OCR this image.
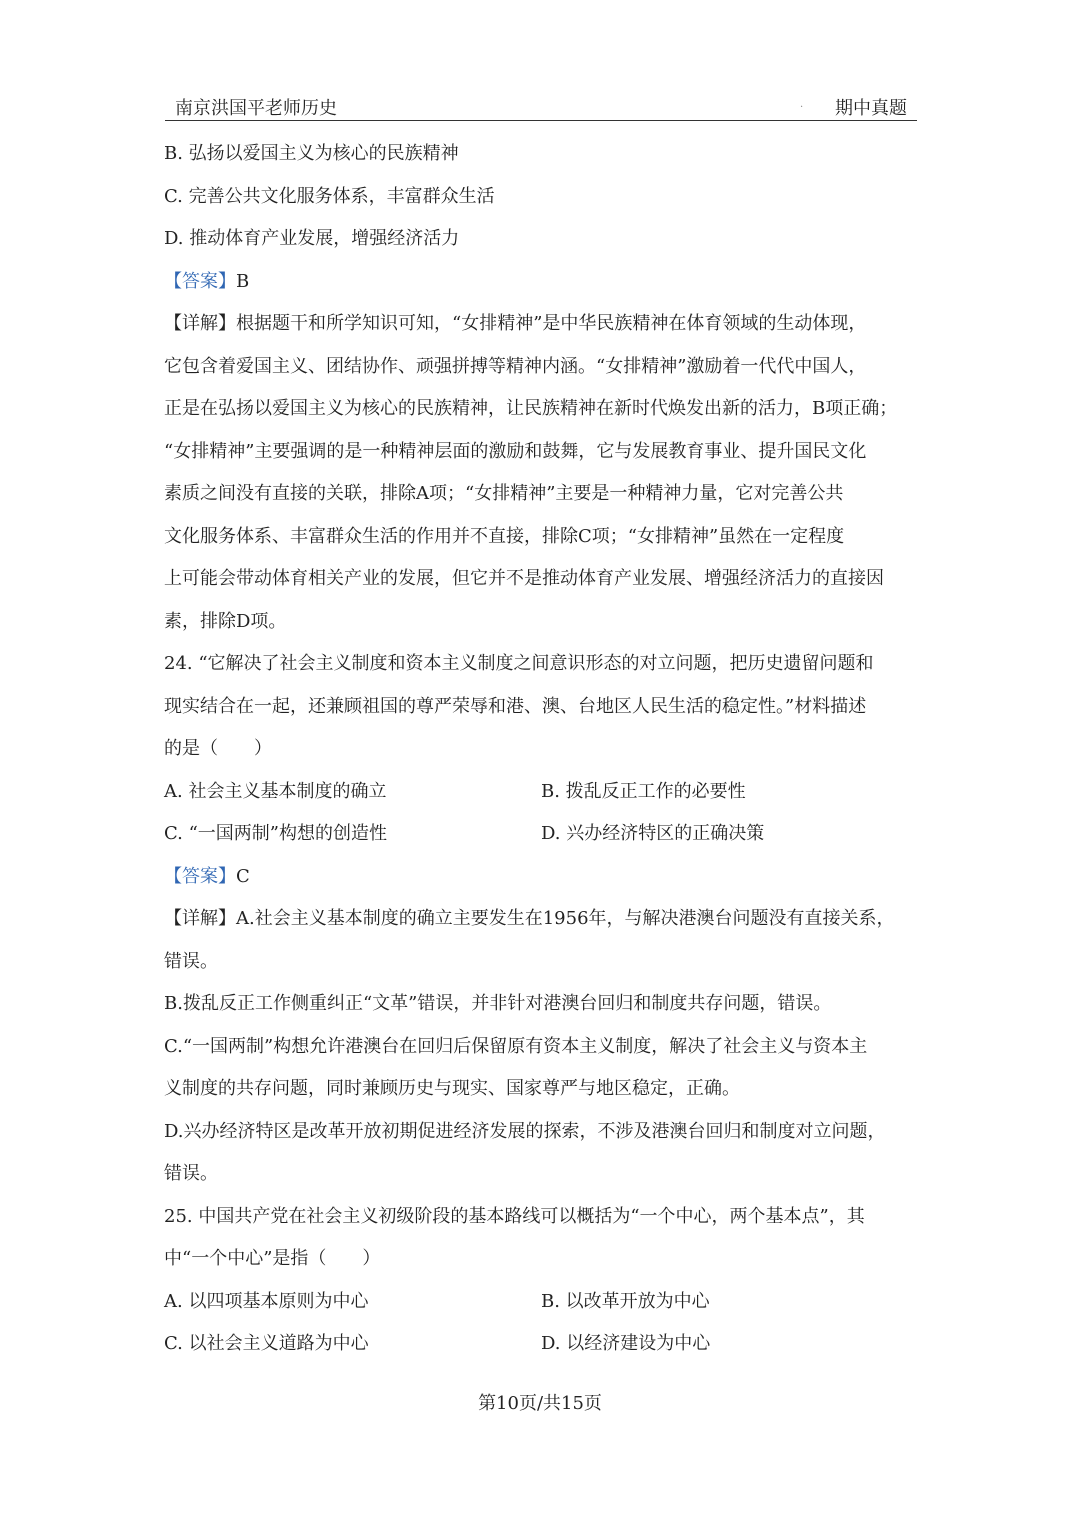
南京洪国平老师历史	. 期中真题
B. 弘扬以爱国主义为核心的民族精神
C. 完善公共文化服务体系，丰富群众生活
D. 推动体育产业发展，增强经济活力
【答案】B
【详解】根据题干和所学知识可知，“女排精神”是中华民族精神在体育领域的生动体现，
它包含着爱国主义、团结协作、顽强拼搏等精神内涵。“女排精神”激励着一代代中国人，
正是在弘扬以爱国主义为核心的民族精神，让民族精神在新时代焕发出新的活力，B项正确；
“女排精神”主要强调的是一种精神层面的激励和鼓舞，它与发展教育事业、提升国民文化
素质之间没有直接的关联，排除A项；“女排精神”主要是一种精神力量，它对完善公共
文化服务体系、丰富群众生活的作用并不直接，排除C项；“女排精神”虽然在一定程度
上可能会带动体育相关产业的发展，但它并不是推动体育产业发展、增强经济活力的直接因
素，排除D项。
24. “它解决了社会主义制度和资本主义制度之间意识形态的对立问题，把历史遗留问题和
现实结合在一起，还兼顾祖国的尊严荣辱和港、澳、台地区人民生活的稳定性。”材料描述
的是（　　）
A. 社会主义基本制度的确立	B. 拨乱反正工作的必要性
C. “一国两制”构想的创造性	D. 兴办经济特区的正确决策
【答案】C
【详解】A.社会主义基本制度的确立主要发生在1956年，与解决港澳台问题没有直接关系，
错误。
B.拨乱反正工作侧重纠正“文革”错误，并非针对港澳台回归和制度共存问题，错误。
C.“一国两制”构想允许港澳台在回归后保留原有资本主义制度，解决了社会主义与资本主
义制度的共存问题，同时兼顾历史与现实、国家尊严与地区稳定，正确。
D.兴办经济特区是改革开放初期促进经济发展的探索，不涉及港澳台回归和制度对立问题，
错误。
25. 中国共产党在社会主义初级阶段的基本路线可以概括为“一个中心，两个基本点”，其
中“一个中心”是指（　　）
A. 以四项基本原则为中心	B. 以改革开放为中心
C. 以社会主义道路为中心	D. 以经济建设为中心
第10页/共15页
